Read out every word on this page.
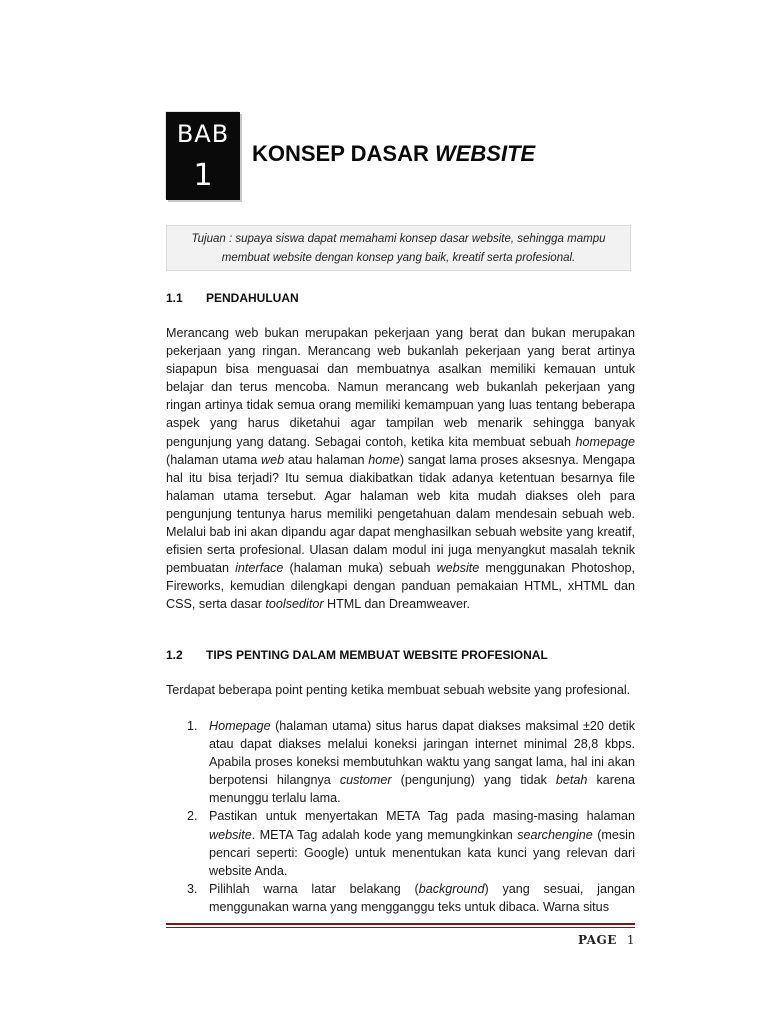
BAB
1
KONSEP DASAR WEBSITE
Tujuan : supaya siswa dapat memahami konsep dasar website, sehingga mampu
membuat website dengan konsep yang baik, kreatif serta profesional.
1.1 PENDAHULUAN
Merancang web bukan merupakan pekerjaan yang berat dan bukan merupakan pekerjaan yang ringan. Merancang web bukanlah pekerjaan yang berat artinya siapapun bisa menguasai dan membuatnya asalkan memiliki kemauan untuk belajar dan terus mencoba. Namun merancang web bukanlah pekerjaan yang ringan artinya tidak semua orang memiliki kemampuan yang luas tentang beberapa aspek yang harus diketahui agar tampilan web menarik sehingga banyak pengunjung yang datang. Sebagai contoh, ketika kita membuat sebuah homepage (halaman utama web atau halaman home) sangat lama proses aksesnya. Mengapa hal itu bisa terjadi? Itu semua diakibatkan tidak adanya ketentuan besarnya file halaman utama tersebut. Agar halaman web kita mudah diakses oleh para pengunjung tentunya harus memiliki pengetahuan dalam mendesain sebuah web. Melalui bab ini akan dipandu agar dapat menghasilkan sebuah website yang kreatif, efisien serta profesional. Ulasan dalam modul ini juga menyangkut masalah teknik pembuatan interface (halaman muka) sebuah website menggunakan Photoshop, Fireworks, kemudian dilengkapi dengan panduan pemakaian HTML, xHTML dan CSS, serta dasar toolseditor HTML dan Dreamweaver.
1.2 TIPS PENTING DALAM MEMBUAT WEBSITE PROFESIONAL
Terdapat beberapa point penting ketika membuat sebuah website yang profesional.
1. Homepage (halaman utama) situs harus dapat diakses maksimal ±20 detik atau dapat diakses melalui koneksi jaringan internet minimal 28,8 kbps. Apabila proses koneksi membutuhkan waktu yang sangat lama, hal ini akan berpotensi hilangnya customer (pengunjung) yang tidak betah karena menunggu terlalu lama.
2. Pastikan untuk menyertakan META Tag pada masing-masing halaman website. META Tag adalah kode yang memungkinkan searchengine (mesin pencari seperti: Google) untuk menentukan kata kunci yang relevan dari website Anda.
3. Pilihlah warna latar belakang (background) yang sesuai, jangan menggunakan warna yang mengganggu teks untuk dibaca. Warna situs
PAGE 1
